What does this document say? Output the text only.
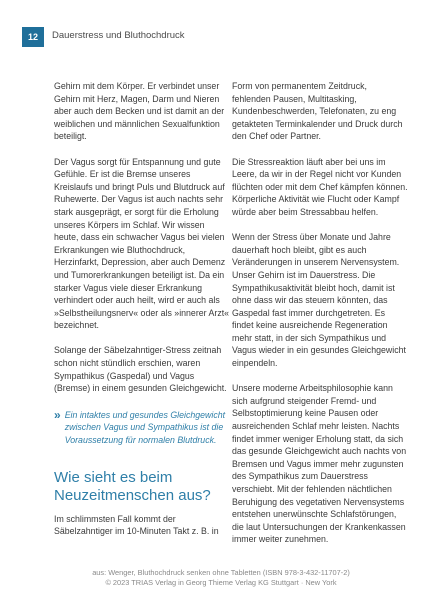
12	Dauerstress und Bluthochdruck

Gehirn mit dem Körper. Er verbindet unser Gehirn mit Herz, Magen, Darm und Nieren aber auch dem Becken und ist damit an der weiblichen und männlichen Sexualfunktion beteiligt.

Der Vagus sorgt für Entspannung und gute Gefühle. Er ist die Bremse unseres Kreislaufs und bringt Puls und Blutdruck auf Ruhewerte. Der Vagus ist auch nachts sehr stark ausgeprägt, er sorgt für die Erholung unseres Körpers im Schlaf. Wir wissen heute, dass ein schwacher Vagus bei vielen Erkrankungen wie Bluthochdruck, Herzinfarkt, Depression, aber auch Demenz und Tumorerkrankungen beteiligt ist. Da ein starker Vagus viele dieser Erkrankung verhindert oder auch heilt, wird er auch als »Selbstheilungsnerv« oder als »innerer Arzt« bezeichnet.

Solange der Säbelzahntiger-Stress zeitnah schon nicht stündlich erschien, waren Sympathikus (Gaspedal) und Vagus (Bremse) in einem gesunden Gleichgewicht.

» Ein intaktes und gesundes Gleichgewicht zwischen Vagus und Sympathikus ist die Voraussetzung für normalen Blutdruck.
Wie sieht es beim Neuzeitmenschen aus?

Im schlimmsten Fall kommt der Säbelzahntiger im 10-Minuten Takt z. B. in

Form von permanentem Zeitdruck, fehlenden Pausen, Multitasking, Kundenbeschwerden, Telefonaten, zu eng getakteten Terminkalender und Druck durch den Chef oder Partner.

Die Stressreaktion läuft aber bei uns im Leere, da wir in der Regel nicht vor Kunden flüchten oder mit dem Chef kämpfen können. Körperliche Aktivität wie Flucht oder Kampf würde aber beim Stressabbau helfen.

Wenn der Stress über Monate und Jahre dauerhaft hoch bleibt, gibt es auch Veränderungen in unserem Nervensystem. Unser Gehirn ist im Dauerstress. Die Sympathikusaktivität bleibt hoch, damit ist ohne dass wir das steuern könnten, das Gaspedal fast immer durchgetreten. Es findet keine ausreichende Regeneration mehr statt, in der sich Sympathikus und Vagus wieder in ein gesundes Gleichgewicht einpendeln.

Unsere moderne Arbeitsphilosophie kann sich aufgrund steigender Fremd- und Selbstoptimierung keine Pausen oder ausreichenden Schlaf mehr leisten. Nachts findet immer weniger Erholung statt, da sich das gesunde Gleichgewicht auch nachts von Bremsen und Vagus immer mehr zugunsten des Sympathikus zum Dauerstress verschiebt. Mit der fehlenden nächtlichen Beruhigung des vegetativen Nervensystems entstehen unerwünschte Schlafstörungen, die laut Untersuchungen der Krankenkassen immer weiter zunehmen.

aus: Wenger, Bluthochdruck senken ohne Tabletten (ISBN 978-3-432-11707-2)
© 2023 TRIAS Verlag in Georg Thieme Verlag KG Stuttgart · New York
